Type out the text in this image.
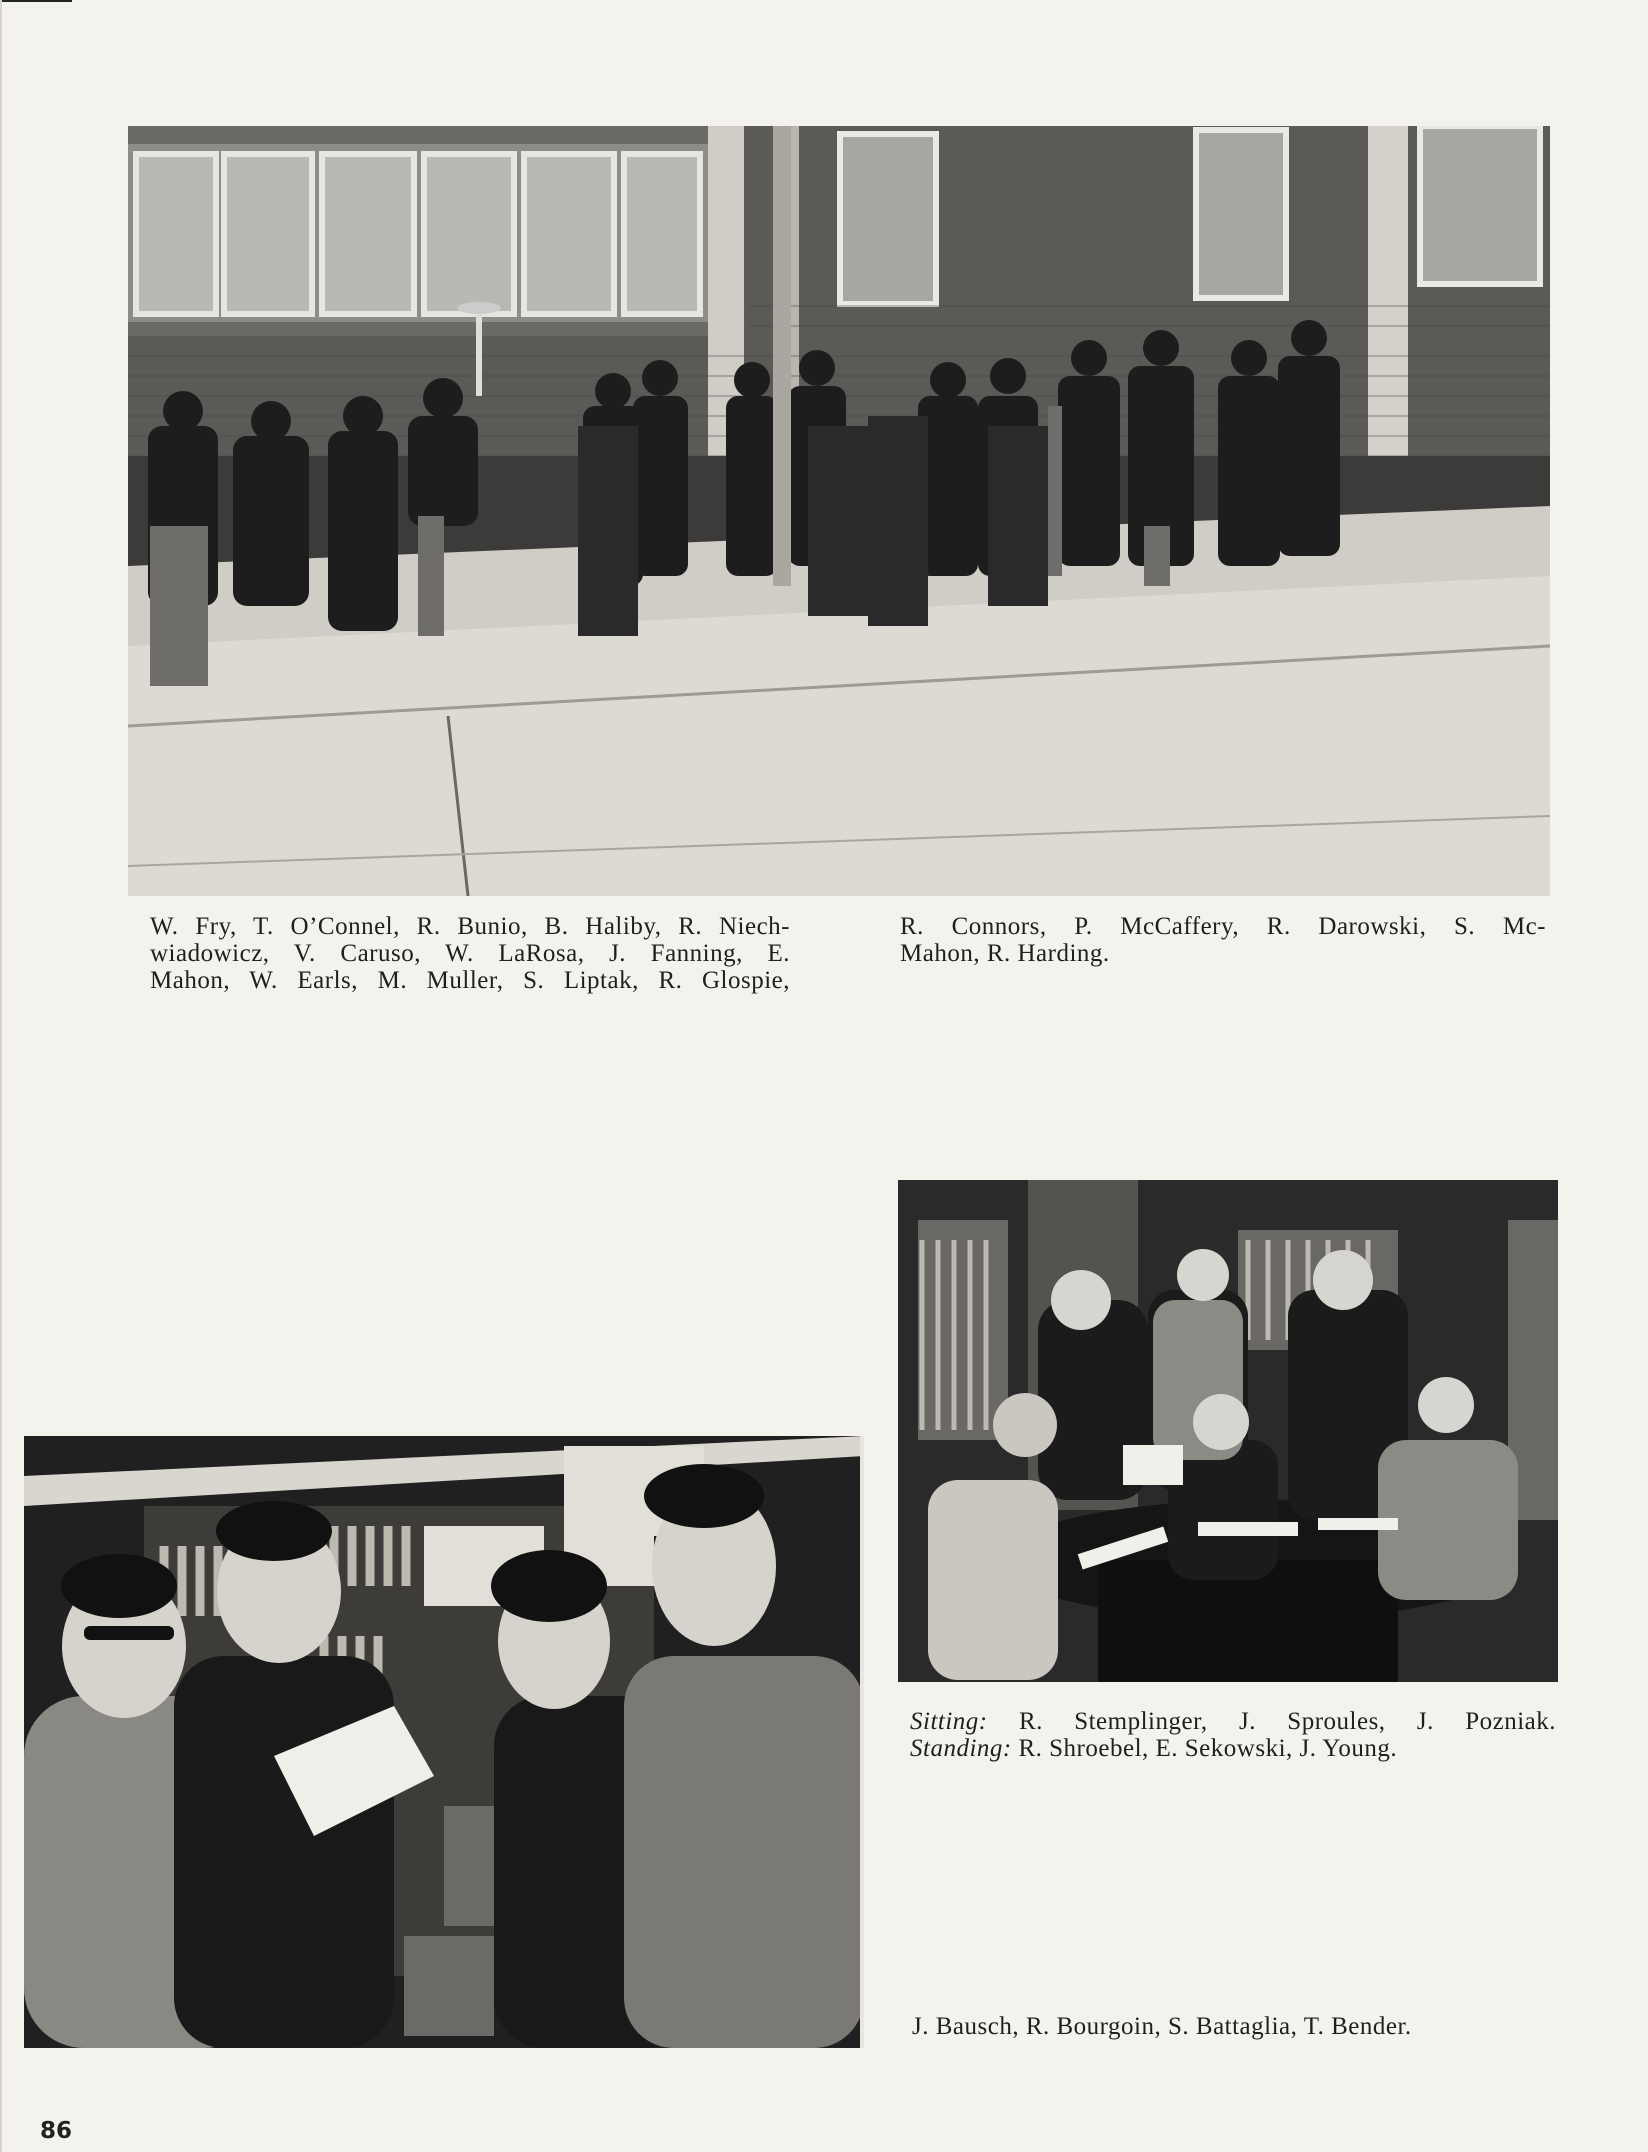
W. Fry, T. O’Connel, R. Bunio, B. Haliby, R. Niech-
wiadowicz, V. Caruso, W. LaRosa, J. Fanning, E.
Mahon, W. Earls, M. Muller, S. Liptak, R. Glospie,
R. Connors, P. McCaffery, R. Darowski, S. Mc-
Mahon, R. Harding.
Sitting: R. Stemplinger, J. Sproules, J. Pozniak.
Standing: R. Shroebel, E. Sekowski, J. Young.
J. Bausch, R. Bourgoin, S. Battaglia, T. Bender.
86
